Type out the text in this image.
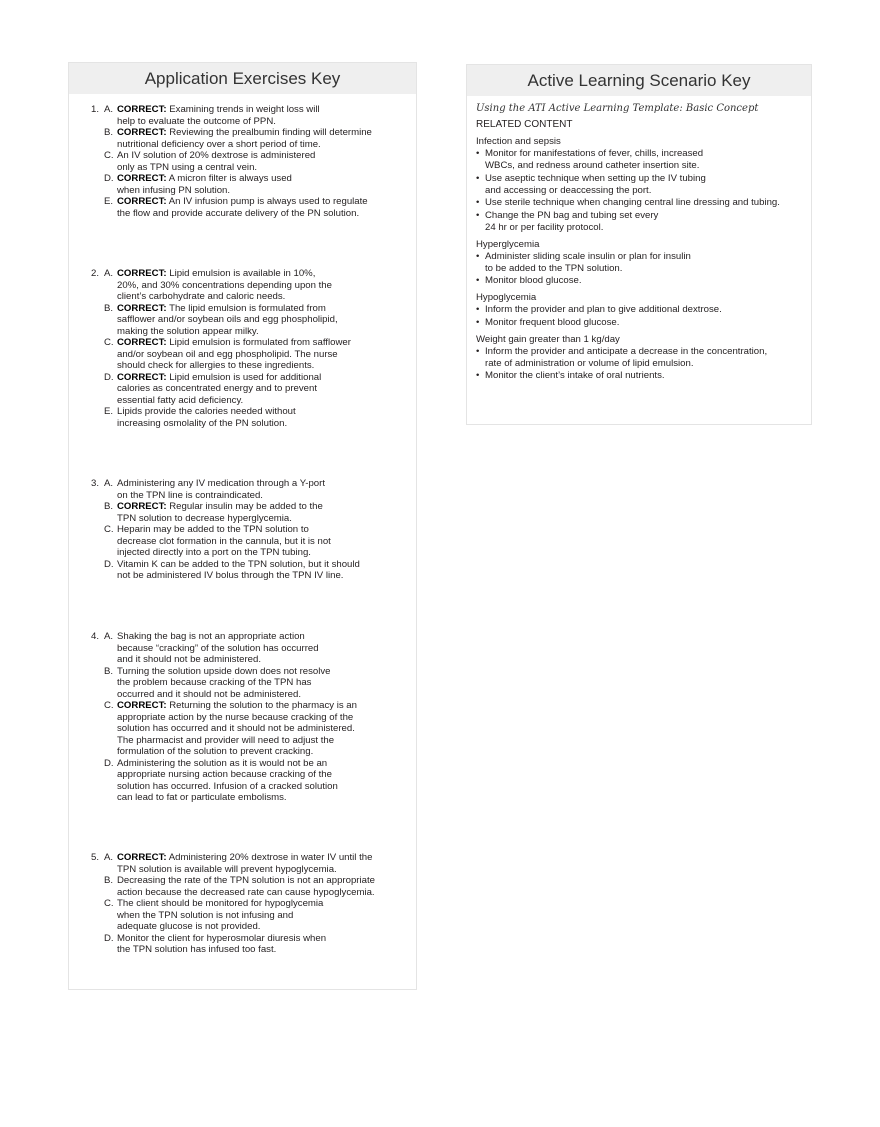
Application Exercises Key
1. A. CORRECT: Examining trends in weight loss will
help to evaluate the outcome of PPN.
B. CORRECT: Reviewing the prealbumin finding will determine
nutritional deficiency over a short period of time.
C. An IV solution of 20% dextrose is administered
only as TPN using a central vein.
D. CORRECT: A micron filter is always used
when infusing PN solution.
E. CORRECT: An IV infusion pump is always used to regulate
the flow and provide accurate delivery of the PN solution.
2. A. CORRECT: Lipid emulsion is available in 10%,
20%, and 30% concentrations depending upon the
client’s carbohydrate and caloric needs.
B. CORRECT: The lipid emulsion is formulated from
safflower and/or soybean oils and egg phospholipid,
making the solution appear milky.
C. CORRECT: Lipid emulsion is formulated from safflower
and/or soybean oil and egg phospholipid. The nurse
should check for allergies to these ingredients.
D. CORRECT: Lipid emulsion is used for additional
calories as concentrated energy and to prevent
essential fatty acid deficiency.
E. Lipids provide the calories needed without
increasing osmolality of the PN solution.
3. A. Administering any IV medication through a Y-port
on the TPN line is contraindicated.
B. CORRECT: Regular insulin may be added to the
TPN solution to decrease hyperglycemia.
C. Heparin may be added to the TPN solution to
decrease clot formation in the cannula, but it is not
injected directly into a port on the TPN tubing.
D. Vitamin K can be added to the TPN solution, but it should
not be administered IV bolus through the TPN IV line.
4. A. Shaking the bag is not an appropriate action
because “cracking” of the solution has occurred
and it should not be administered.
B. Turning the solution upside down does not resolve
the problem because cracking of the TPN has
occurred and it should not be administered.
C. CORRECT: Returning the solution to the pharmacy is an
appropriate action by the nurse because cracking of the
solution has occurred and it should not be administered.
The pharmacist and provider will need to adjust the
formulation of the solution to prevent cracking.
D. Administering the solution as it is would not be an
appropriate nursing action because cracking of the
solution has occurred. Infusion of a cracked solution
can lead to fat or particulate embolisms.
5. A. CORRECT: Administering 20% dextrose in water IV until the
TPN solution is available will prevent hypoglycemia.
B. Decreasing the rate of the TPN solution is not an appropriate
action because the decreased rate can cause hypoglycemia.
C. The client should be monitored for hypoglycemia
when the TPN solution is not infusing and
adequate glucose is not provided.
D. Monitor the client for hyperosmolar diuresis when
the TPN solution has infused too fast.
Active Learning Scenario Key
Using the ATI Active Learning Template: Basic Concept
RELATED CONTENT
Infection and sepsis
• Monitor for manifestations of fever, chills, increased
WBCs, and redness around catheter insertion site.
• Use aseptic technique when setting up the IV tubing
and accessing or deaccessing the port.
• Use sterile technique when changing central line dressing and tubing.
• Change the PN bag and tubing set every
24 hr or per facility protocol.
Hyperglycemia
• Administer sliding scale insulin or plan for insulin
to be added to the TPN solution.
• Monitor blood glucose.
Hypoglycemia
• Inform the provider and plan to give additional dextrose.
• Monitor frequent blood glucose.
Weight gain greater than 1 kg/day
• Inform the provider and anticipate a decrease in the concentration,
rate of administration or volume of lipid emulsion.
• Monitor the client’s intake of oral nutrients.
